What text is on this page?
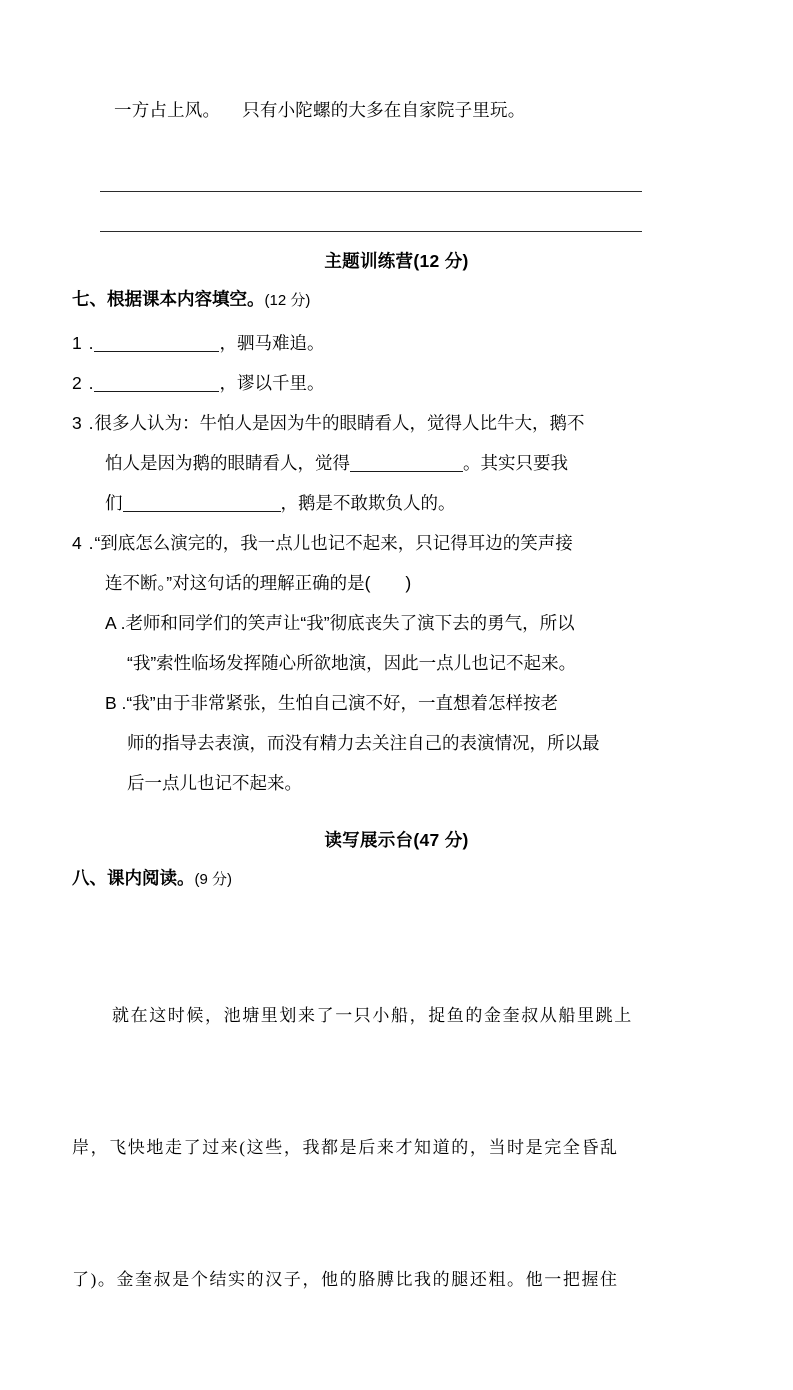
一方占上风。 只有小陀螺的大多在自家院子里玩。
主题训练营(12 分)
七、根据课本内容填空。(12 分)
1 .	，驷马难追。
2 .	，谬以千里。
3 .很多人认为：牛怕人是因为牛的眼睛看人，觉得人比牛大，鹅不
怕人是因为鹅的眼睛看人，觉得	。其实只要我
们	，鹅是不敢欺负人的。
4 .“到底怎么演完的，我一点儿也记不起来，只记得耳边的笑声接
连不断。”对这句话的理解正确的是(　　)
A .老师和同学们的笑声让“我”彻底丧失了演下去的勇气，所以
“我”索性临场发挥随心所欲地演，因此一点儿也记不起来。
B .“我”由于非常紧张，生怕自己演不好，一直想着怎样按老
师的指导去表演，而没有精力去关注自己的表演情况，所以最
后一点儿也记不起来。
读写展示台(47 分)
八、课内阅读。(9 分)

就在这时候，池塘里划来了一只小船，捉鱼的金奎叔从船里跳上

岸，飞快地走了过来(这些，我都是后来才知道的，当时是完全昏乱

了)。金奎叔是个结实的汉子，他的胳膊比我的腿还粗。他一把握住
